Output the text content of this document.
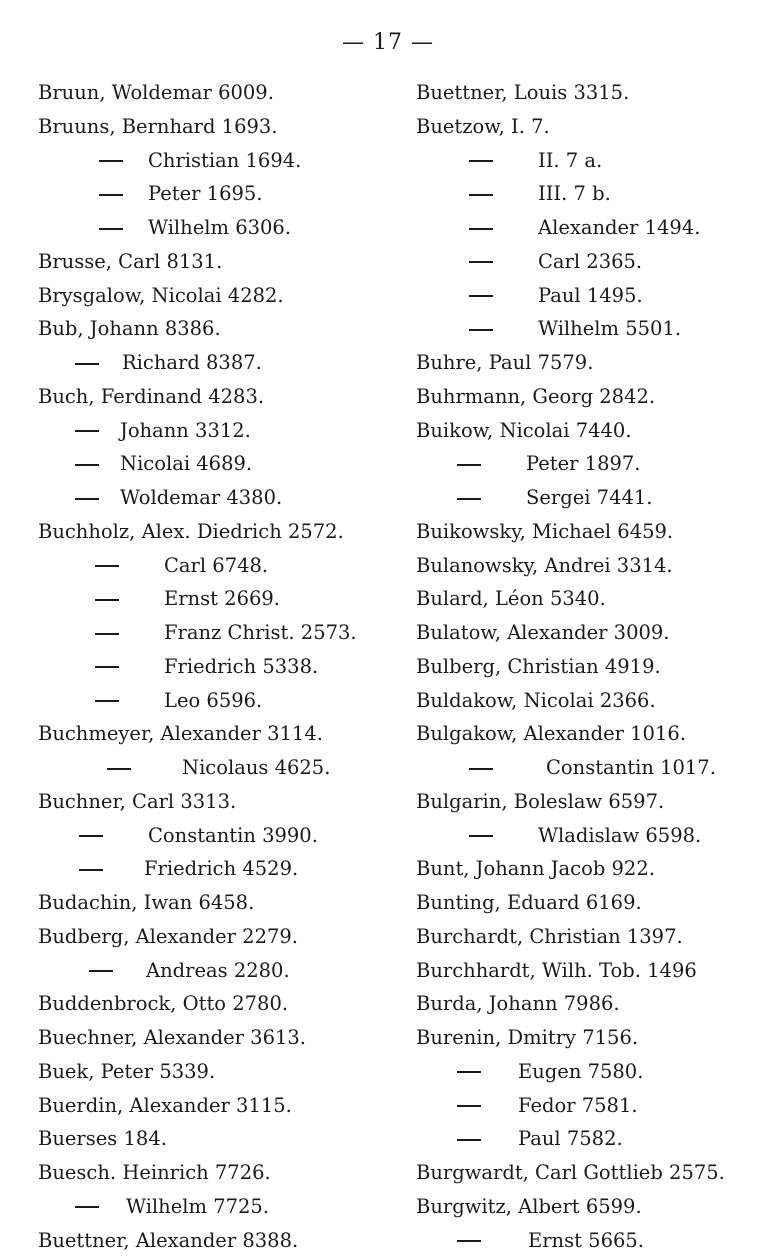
— 17 —
Bruun, Woldemar 6009.
Bruuns, Bernhard 1693.
Christian 1694.
Peter 1695.
Wilhelm 6306.
Brusse, Carl 8131.
Brysgalow, Nicolai 4282.
Bub, Johann 8386.
Richard 8387.
Buch, Ferdinand 4283.
Johann 3312.
Nicolai 4689.
Woldemar 4380.
Buchholz, Alex. Diedrich 2572.
Carl 6748.
Ernst 2669.
Franz Christ. 2573.
Friedrich 5338.
Leo 6596.
Buchmeyer, Alexander 3114.
Nicolaus 4625.
Buchner, Carl 3313.
Constantin 3990.
Friedrich 4529.
Budachin, Iwan 6458.
Budberg, Alexander 2279.
Andreas 2280.
Buddenbrock, Otto 2780.
Buechner, Alexander 3613.
Buek, Peter 5339.
Buerdin, Alexander 3115.
Buerses 184.
Buesch. Heinrich 7726.
Wilhelm 7725.
Buettner, Alexander 8388.
Buettner, Louis 3315.
Buetzow, I. 7.
II. 7 a.
III. 7 b.
Alexander 1494.
Carl 2365.
Paul 1495.
Wilhelm 5501.
Buhre, Paul 7579.
Buhrmann, Georg 2842.
Buikow, Nicolai 7440.
Peter 1897.
Sergei 7441.
Buikowsky, Michael 6459.
Bulanowsky, Andrei 3314.
Bulard, Léon 5340.
Bulatow, Alexander 3009.
Bulberg, Christian 4919.
Buldakow, Nicolai 2366.
Bulgakow, Alexander 1016.
Constantin 1017.
Bulgarin, Boleslaw 6597.
Wladislaw 6598.
Bunt, Johann Jacob 922.
Bunting, Eduard 6169.
Burchardt, Christian 1397.
Burchhardt, Wilh. Tob. 1496
Burda, Johann 7986.
Burenin, Dmitry 7156.
Eugen 7580.
Fedor 7581.
Paul 7582.
Burgwardt, Carl Gottlieb 2575.
Burgwitz, Albert 6599.
Ernst 5665.
